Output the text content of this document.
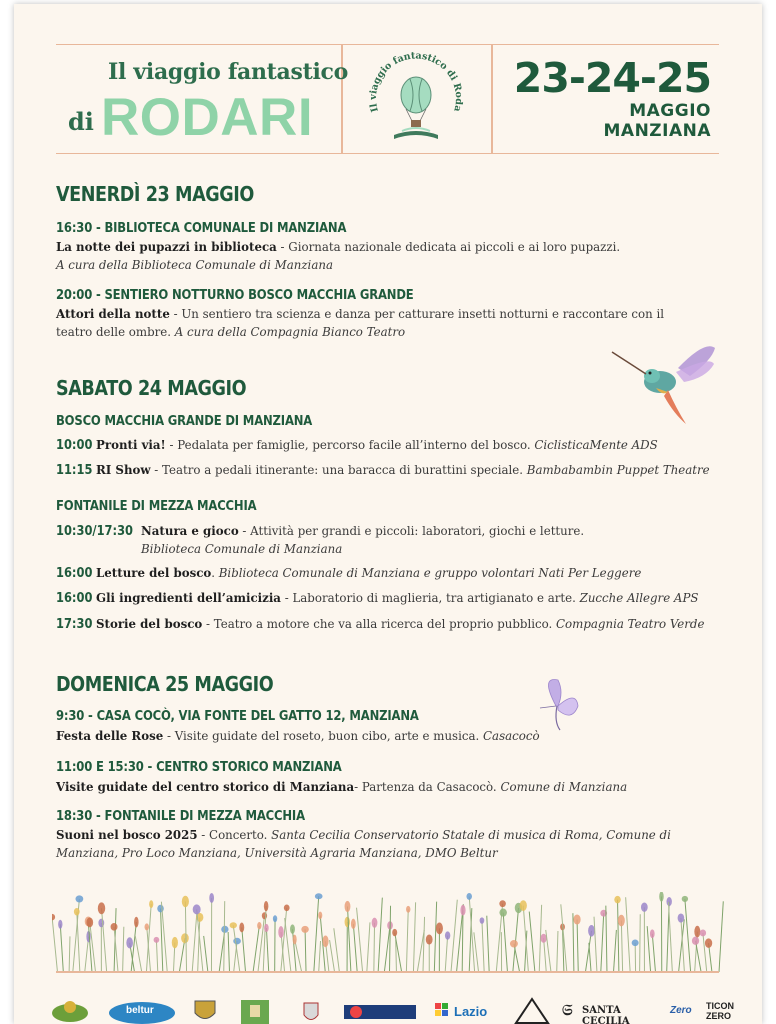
Il viaggio fantastico
di RODARI	Il viaggio fantastico di Roda
23-24-25
MAGGIO
MANZIANA
VENERDÌ 23 MAGGIO
16:30 - BIBLIOTECA COMUNALE DI MANZIANA
La notte dei pupazzi in biblioteca - Giornata nazionale dedicata ai piccoli e ai loro pupazzi.
A cura della Biblioteca Comunale di Manziana
20:00 - SENTIERO NOTTURNO BOSCO MACCHIA GRANDE
Attori della notte - Un sentiero tra scienza e danza per catturare insetti notturni e raccontare con il teatro delle ombre. A cura della Compagnia Bianco Teatro
SABATO 24 MAGGIO
BOSCO MACCHIA GRANDE DI MANZIANA
10:00 Pronti via! - Pedalata per famiglie, percorso facile all’interno del bosco. CiclisticaMente ADS
11:15 RI Show - Teatro a pedali itinerante: una baracca di burattini speciale. Bambabambin Puppet Theatre
FONTANILE DI MEZZA MACCHIA
10:30/17:30 Natura e gioco - Attività per grandi e piccoli: laboratori, giochi e letture.
Biblioteca Comunale di Manziana
16:00 Letture del bosco. Biblioteca Comunale di Manziana e gruppo volontari Nati Per Leggere
16:00 Gli ingredienti dell’amicizia - Laboratorio di maglieria, tra artigianato e arte. Zucche Allegre APS
17:30 Storie del bosco - Teatro a motore che va alla ricerca del proprio pubblico. Compagnia Teatro Verde
DOMENICA 25 MAGGIO
9:30 - CASA COCÒ, VIA FONTE DEL GATTO 12, MANZIANA
Festa delle Rose - Visite guidate del roseto, buon cibo, arte e musica. Casacocò
11:00 E 15:30 - CENTRO STORICO MANZIANA
Visite guidate del centro storico di Manziana- Partenza da Casacocò. Comune di Manziana
18:30 - FONTANILE DI MEZZA MACCHIA
Suoni nel bosco 2025 - Concerto. Santa Cecilia Conservatorio Statale di musica di Roma, Comune di
Manziana, Pro Loco Manziana, Università Agraria Manziana, DMO Beltur
beltur	Lazio	𝔖 SANTA CECILIA
Zero TICON ZERO
